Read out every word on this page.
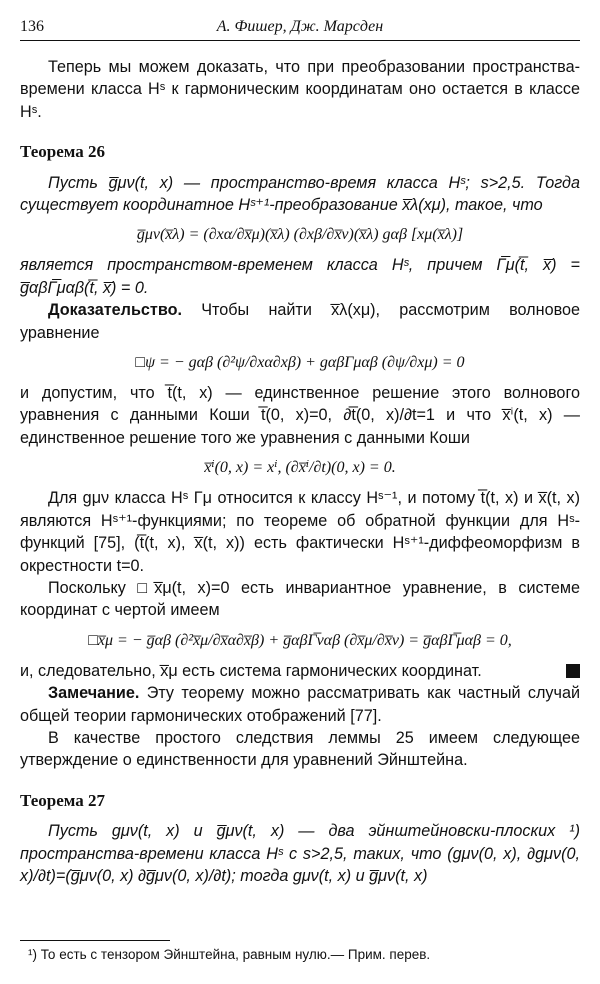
136	А. Фишер, Дж. Марсден

Теперь мы можем доказать, что при преобразовании пространства-времени класса Hˢ к гармоническим координатам оно остается в классе Hˢ.

Теорема 26

Пусть g̅μν(t, x) — пространство-время класса Hˢ; s>2,5. Тогда существует координатное Hˢ⁺¹-преобразование x̅λ(xμ), такое, что

g̅μν(x̅λ) = (∂xα/∂x̅μ)(x̅λ) (∂xβ/∂x̅ν)(x̅λ) gαβ [xμ(x̅λ)]

является пространством-временем класса Hˢ, причем Γ̅μ(t̅, x̅) = g̅αβΓ̅μαβ(t̅, x̅) = 0.

Доказательство. Чтобы найти x̅λ(xμ), рассмотрим волновое уравнение

□ψ = − gαβ (∂²ψ/∂xα∂xβ) + gαβΓμαβ (∂ψ/∂xμ) = 0

и допустим, что t̅(t, x) — единственное решение этого волнового уравнения с данными Коши t̅(0, x)=0, ∂t̅(0, x)/∂t=1 и что x̅ⁱ(t, x) — единственное решение того же уравнения с данными Коши

x̅ⁱ(0, x) = xⁱ, (∂x̅ⁱ/∂t)(0, x) = 0.

Для gμν класса Hˢ Γμ относится к классу Hˢ⁻¹, и потому t̅(t, x) и x̅(t, x) являются Hˢ⁺¹-функциями; по теореме об обратной функции для Hˢ-функций [75], (t̅(t, x), x̅(t, x)) есть фактически Hˢ⁺¹-диффеоморфизм в окрестности t=0.

Поскольку □x̅μ(t, x)=0 есть инвариантное уравнение, в системе координат с чертой имеем

□x̅μ = − g̅αβ (∂²x̅μ/∂x̅α∂x̅β) + g̅αβΓ̅ναβ (∂x̅μ/∂x̅ν) = g̅αβΓ̅μαβ = 0,
и, следовательно, x̅μ есть система гармонических координат.

Замечание. Эту теорему можно рассматривать как частный случай общей теории гармонических отображений [77].

В качестве простого следствия леммы 25 имеем следующее утверждение о единственности для уравнений Эйнштейна.

Теорема 27

Пусть gμν(t, x) и g̅μν(t, x) — два эйнштейновски-плоских ¹) пространства-времени класса Hˢ с s>2,5, таких, что (gμν(0, x), ∂gμν(0, x)/∂t)=(g̅μν(0, x) ∂g̅μν(0, x)/∂t); тогда gμν(t, x) и g̅μν(t, x)

¹) То есть с тензором Эйнштейна, равным нулю.— Прим. перев.
